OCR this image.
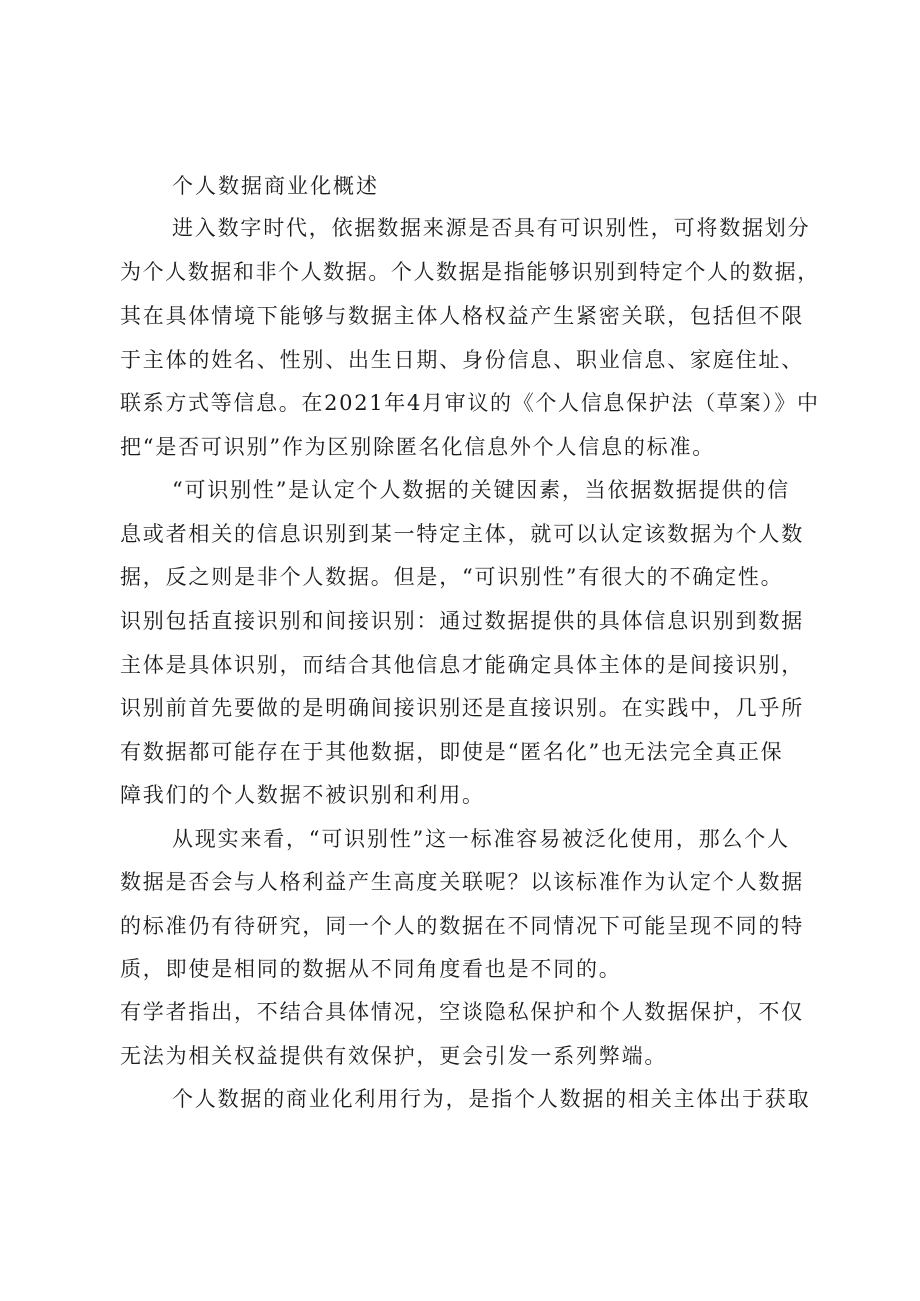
个人数据商业化概述
进入数字时代，依据数据来源是否具有可识别性，可将数据划分
为个人数据和非个人数据。个人数据是指能够识别到特定个人的数据，
其在具体情境下能够与数据主体人格权益产生紧密关联，包括但不限
于主体的姓名、性别、出生日期、身份信息、职业信息、家庭住址、
联系方式等信息。在2021年4月审议的《个人信息保护法（草案）》中
把“是否可识别”作为区别除匿名化信息外个人信息的标准。
“可识别性”是认定个人数据的关键因素，当依据数据提供的信
息或者相关的信息识别到某一特定主体，就可以认定该数据为个人数
据，反之则是非个人数据。但是，“可识别性”有很大的不确定性。
识别包括直接识别和间接识别：通过数据提供的具体信息识别到数据
主体是具体识别，而结合其他信息才能确定具体主体的是间接识别，
识别前首先要做的是明确间接识别还是直接识别。在实践中，几乎所
有数据都可能存在于其他数据，即使是“匿名化”也无法完全真正保
障我们的个人数据不被识别和利用。
从现实来看，“可识别性”这一标准容易被泛化使用，那么个人
数据是否会与人格利益产生高度关联呢？以该标准作为认定个人数据
的标准仍有待研究，同一个人的数据在不同情况下可能呈现不同的特
质，即使是相同的数据从不同角度看也是不同的。
有学者指出，不结合具体情况，空谈隐私保护和个人数据保护，不仅
无法为相关权益提供有效保护，更会引发一系列弊端。
个人数据的商业化利用行为，是指个人数据的相关主体出于获取
